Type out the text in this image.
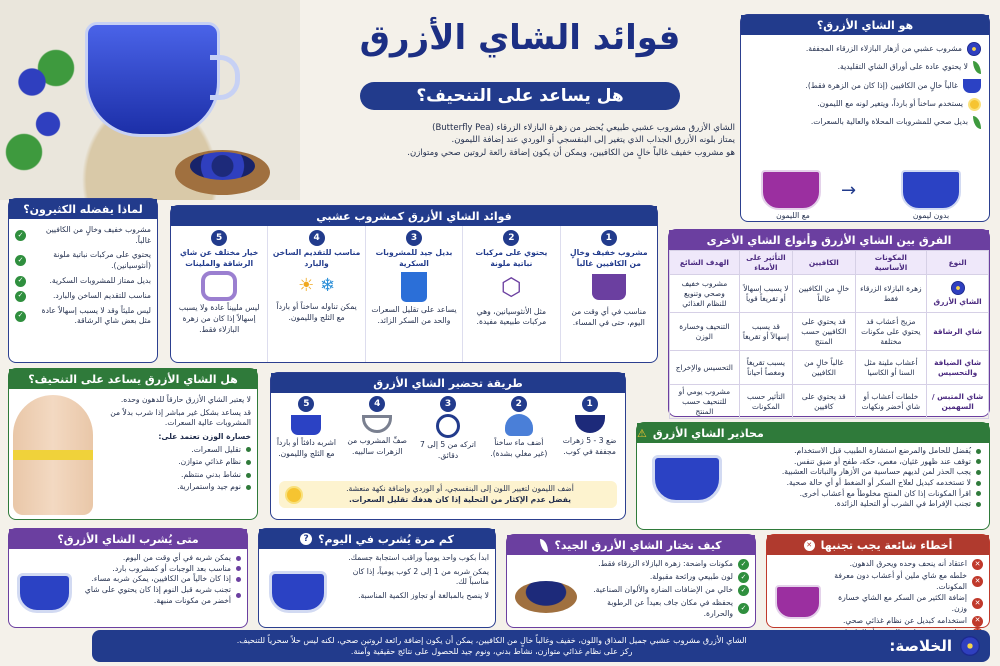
فوائد الشاي الأزرق
هل يساعد على التنحيف؟
الشاي الأزرق مشروب عشبي طبيعي يُحضر من زهرة البازلاء الزرقاء (Butterfly Pea)
يمتاز بلونه الأزرق الجذاب الذي يتغير إلى البنفسجي أو الوردي عند إضافة الليمون.
هو مشروب خفيف غالباً خالٍ من الكافيين، ويمكن أن يكون إضافة رائعة لروتين صحي ومتوازن.
هو الشاي الأزرق؟
مشروب عشبي من أزهار البازلاء الزرقاء المجففة.
لا يحتوي عادة على أوراق الشاي التقليدية.
غالباً خالٍ من الكافيين (إذا كان من الزهرة فقط).
يستخدم ساخناً أو بارداً، ويتغير لونه مع الليمون.
بديل صحي للمشروبات المحلاة والعالية بالسعرات.
→
مع الليمون	بدون ليمون
لماذا يفضله الكثيرون؟
مشروب خفيف وخالٍ من الكافيين غالباً.
✓
يحتوي على مركبات نباتية ملونة (أنثوسيانين).
✓
بديل ممتاز للمشروبات السكرية.
✓
مناسب للتقديم الساخن والبارد.
✓
ليس مليئاً وقد لا يسبب إسهالاً عادة مثل بعض شاي الرشاقة.
✓
فوائد الشاي الأزرق كمشروب عشبي
1
مشروب خفيف وخالٍ من الكافيين غالباً
مناسب في أي وقت من اليوم، حتى في المساء.
2
يحتوي على مركبات نباتية ملونة
⬡
مثل الأنثوسيانين، وهي مركبات طبيعية مفيدة.
3
بديل جيد للمشروبات السكرية
يساعد على تقليل السعرات والحد من السكر الزائد.
4
مناسب للتقديم الساخن والبارد
❄ ☀
يمكن تناوله ساخناً أو بارداً مع الثلج والليمون.
5
خيار مختلف عن شاي الرشاقة والملينات
ليس ملييناً عادة ولا يسبب إسهالاً إذا كان من زهرة البازلاء فقط.
الفرق بين الشاي الأزرق وأنواع الشاي الأخرى
النوع	المكونات الأساسية	الكافيين	التأثير على الأمعاء	الهدف الشائع

الشاي الأزرق	زهرة البازلاء الزرقاء فقط	خالٍ من الكافيين غالباً	لا يسبب إسهالاً أو تقريغاً قوياً	مشروب خفيف وصحي وتنويع للنظام الغذائي
شاي الرشاقة	مزيج أعشاب قد يحتوي على مكونات مختلفة	قد يحتوي على الكافيين حسب المنتج	قد يسبب إسهالاً أو تقريغاً	التنحيف وخسارة الوزن
شاي الضيافة والتحسيس	أعشاب ملينة مثل السنا أو الكاسيا	غالباً خالٍ من الكافيين	يسبب تقريغاً ومغصاً أحياناً	التحسيس والإخراج
شاي المتبس / السهمين	خلطات أعشاب أو شاي أخضر ونكهات	قد يحتوي على كافيين	التأثير حسب المكونات	مشروب يومي أو للتنحيف حسب المنتج
هل الشاي الأزرق يساعد على التنحيف؟
لا يعتبر الشاي الأزرق حارقاً للدهون وحده.
قد يساعد بشكل غير مباشر إذا شرب بدلاً من المشروبات عالية السعرات.
خسارة الوزن تعتمد على:
تقليل السعرات.
نظام غذائي متوازن.
نشاط بدني منتظم.
نوم جيد واستمرارية.
طريقة تحضير الشاي الأزرق
1
ضع 3 - 5 زهرات مجففة في كوب.
2
أضف ماء ساخناً (غير مغلي بشدة).
3
اتركه من 5 إلى 7 دقائق.
4
صفِّ المشروب من الزهرات سالبيه.
5
اشربه دافئاً أو بارداً مع الثلج والليمون.
أضف الليمون لتغيير اللون إلى البنفسجي، أو الوردي وإضافة نكهة منعشة.
يفضل عدم الإكثار من التحلية إذا كان هدفك تقليل السعرات.
محاذير الشاي الأزرق
⚠
يُفضل للحامل والمرضع استشارة الطبيب قبل الاستخدام.
توقف عند ظهور غثيان، مغص، حكة، طفح أو ضيق تنفس.
يجب الحذر لمن لديهم حساسية من الأزهار والنباتات العشبية.
لا تستخدمه كبديل لعلاج السكر أو الضغط أو أي حالة صحية.
اقرأ المكونات إذا كان المنتج مخلوطاً مع أعشاب أخرى.
تجنب الإفراط في الشرب أو التحلية الزائدة.
متى يُشرب الشاي الأزرق؟
يمكن شربه في أي وقت من اليوم.
مناسب بعد الوجبات أو كمشروب بارد.
إذا كان خالياً من الكافيين، يمكن شربه مساء.
تجنب شربه قبل النوم إذا كان يحتوي على شاي أخضر من مكونات منبهة.
كم مرة يُشرب في اليوم؟
?
ابدأ بكوب واحد يومياً وراقب استجابة جسمك.
يمكن شربه من 1 إلى 2 كوب يومياً، إذا كان مناسباً لك.
لا ينصح بالمبالغة أو تجاوز الكمية المناسبة.
كيف تختار الشاي الأزرق الجيد؟
✓
مكونات واضحة: زهرة البازلاء الزرقاء فقط.
✓
لون طبيعي ورائحة مقبولة.
✓
خالي من الإضافات الضارة والألوان الصناعية.
✓
يحفظه في مكان جاف بعيداً عن الرطوبة والحرارة.
أخطاء شائعة يجب تجنبها
✕
✕
اعتقاد أنه ينحف وحده ويحرق الدهون.
✕
خلطه مع شاي ملين أو أعشاب دون معرفة المكونات.
✕
إضافة الكثير من السكر مع الشاي خسارة وزن.
✕
استخدامه كبديل عن نظام غذائي صحي.
الخلاصة:
الشاي الأزرق مشروب عشبي جميل المذاق واللون، خفيف وغالباً خالٍ من الكافيين، يمكن أن يكون إضافة رائعة لروتين صحي، لكنه ليس حلاً سحرياً للتنحيف.
ركز على نظام غذائي متوازن، نشاط بدني، ونوم جيد للحصول على نتائج حقيقية وآمنة.
